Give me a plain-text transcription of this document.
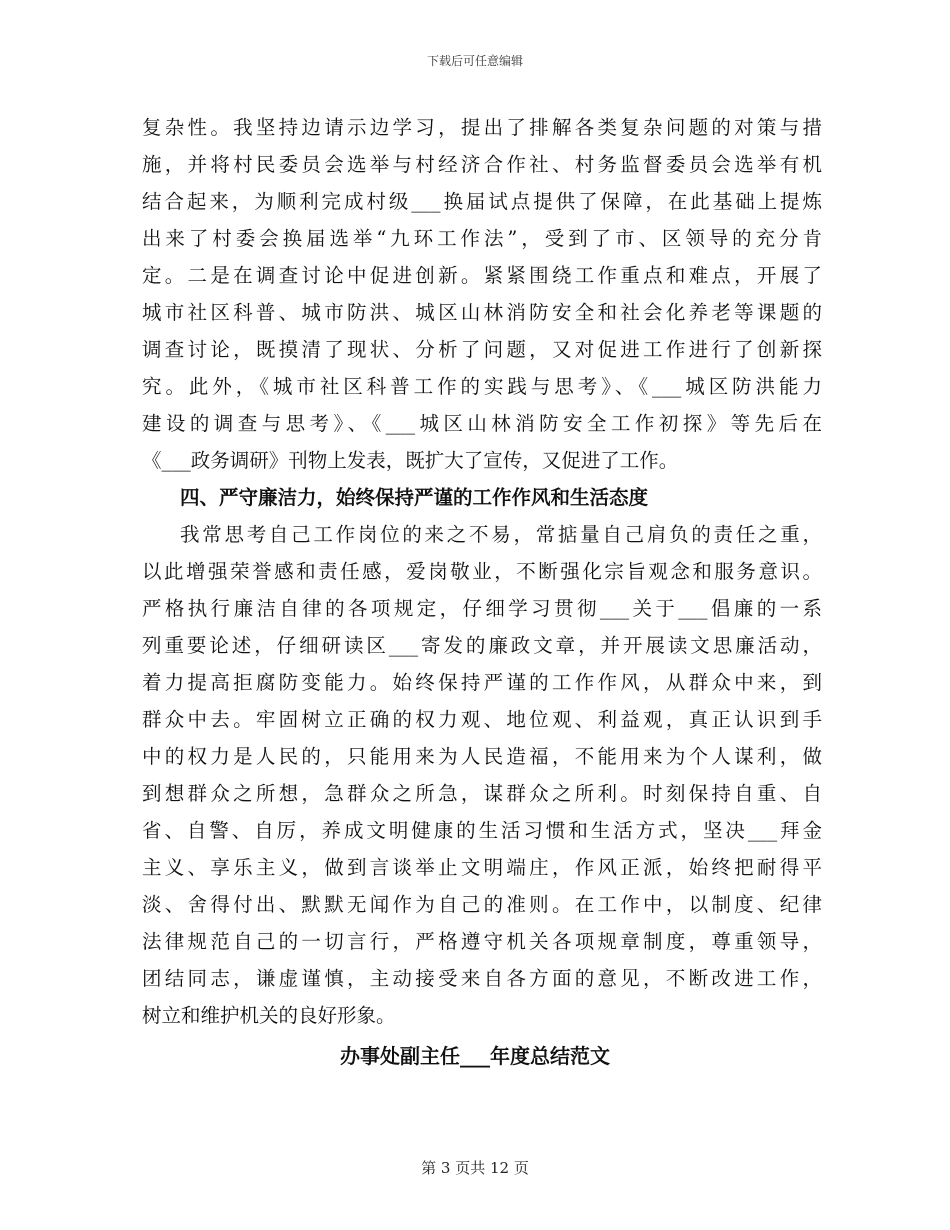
下载后可任意编辑
复杂性。我坚持边请示边学习，提出了排解各类复杂问题的对策与措
施，并将村民委员会选举与村经济合作社、村务监督委员会选举有机
结合起来，为顺利完成村级___换届试点提供了保障，在此基础上提炼
出来了村委会换届选举“九环工作法”，受到了市、区领导的充分肯
定。二是在调查讨论中促进创新。紧紧围绕工作重点和难点，开展了
城市社区科普、城市防洪、城区山林消防安全和社会化养老等课题的
调查讨论，既摸清了现状、分析了问题，又对促进工作进行了创新探
究。此外，《城市社区科普工作的实践与思考》、《___城区防洪能力
建设的调查与思考》、《___城区山林消防安全工作初探》等先后在
《___政务调研》刊物上发表，既扩大了宣传，又促进了工作。
四、严守廉洁力，始终保持严谨的工作作风和生活态度
我常思考自己工作岗位的来之不易，常掂量自己肩负的责任之重，
以此增强荣誉感和责任感，爱岗敬业，不断强化宗旨观念和服务意识。
严格执行廉洁自律的各项规定，仔细学习贯彻___关于___倡廉的一系
列重要论述，仔细研读区___寄发的廉政文章，并开展读文思廉活动，
着力提高拒腐防变能力。始终保持严谨的工作作风，从群众中来，到
群众中去。牢固树立正确的权力观、地位观、利益观，真正认识到手
中的权力是人民的，只能用来为人民造福，不能用来为个人谋利，做
到想群众之所想，急群众之所急，谋群众之所利。时刻保持自重、自
省、自警、自厉，养成文明健康的生活习惯和生活方式，坚决___拜金
主义、享乐主义，做到言谈举止文明端庄，作风正派，始终把耐得平
淡、舍得付出、默默无闻作为自己的准则。在工作中，以制度、纪律
法律规范自己的一切言行，严格遵守机关各项规章制度，尊重领导，
团结同志，谦虚谨慎，主动接受来自各方面的意见，不断改进工作，
树立和维护机关的良好形象。
办事处副主任___年度总结范文
第 3 页共 12 页
